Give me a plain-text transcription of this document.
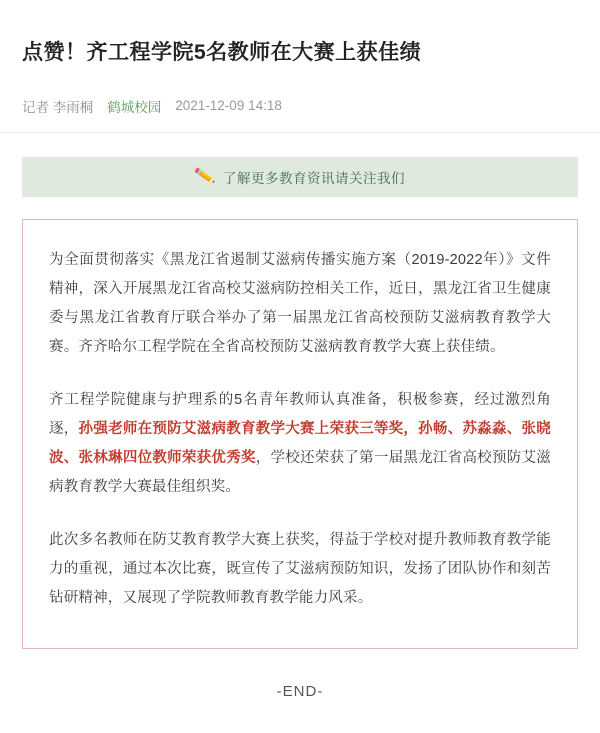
点赞！齐工程学院5名教师在大赛上获佳绩
记者 李雨桐 鹤城校园 2021-12-09 14:18
✏️ 了解更多教育资讯请关注我们

为全面贯彻落实《黑龙江省遏制艾滋病传播实施方案（2019-2022年）》文件精神，深入开展黑龙江省高校艾滋病防控相关工作，近日，黑龙江省卫生健康委与黑龙江省教育厅联合举办了第一届黑龙江省高校预防艾滋病教育教学大赛。齐齐哈尔工程学院在全省高校预防艾滋病教育教学大赛上获佳绩。

齐工程学院健康与护理系的5名青年教师认真准备，积极参赛，经过激烈角逐，孙强老师在预防艾滋病教育教学大赛上荣获三等奖，孙畅、苏淼淼、张晓波、张林琳四位教师荣获优秀奖，学校还荣获了第一届黑龙江省高校预防艾滋病教育教学大赛最佳组织奖。

此次多名教师在防艾教育教学大赛上获奖，得益于学校对提升教师教育教学能力的重视，通过本次比赛，既宣传了艾滋病预防知识，发扬了团队协作和刻苦钻研精神，又展现了学院教师教育教学能力风采。

-END-
